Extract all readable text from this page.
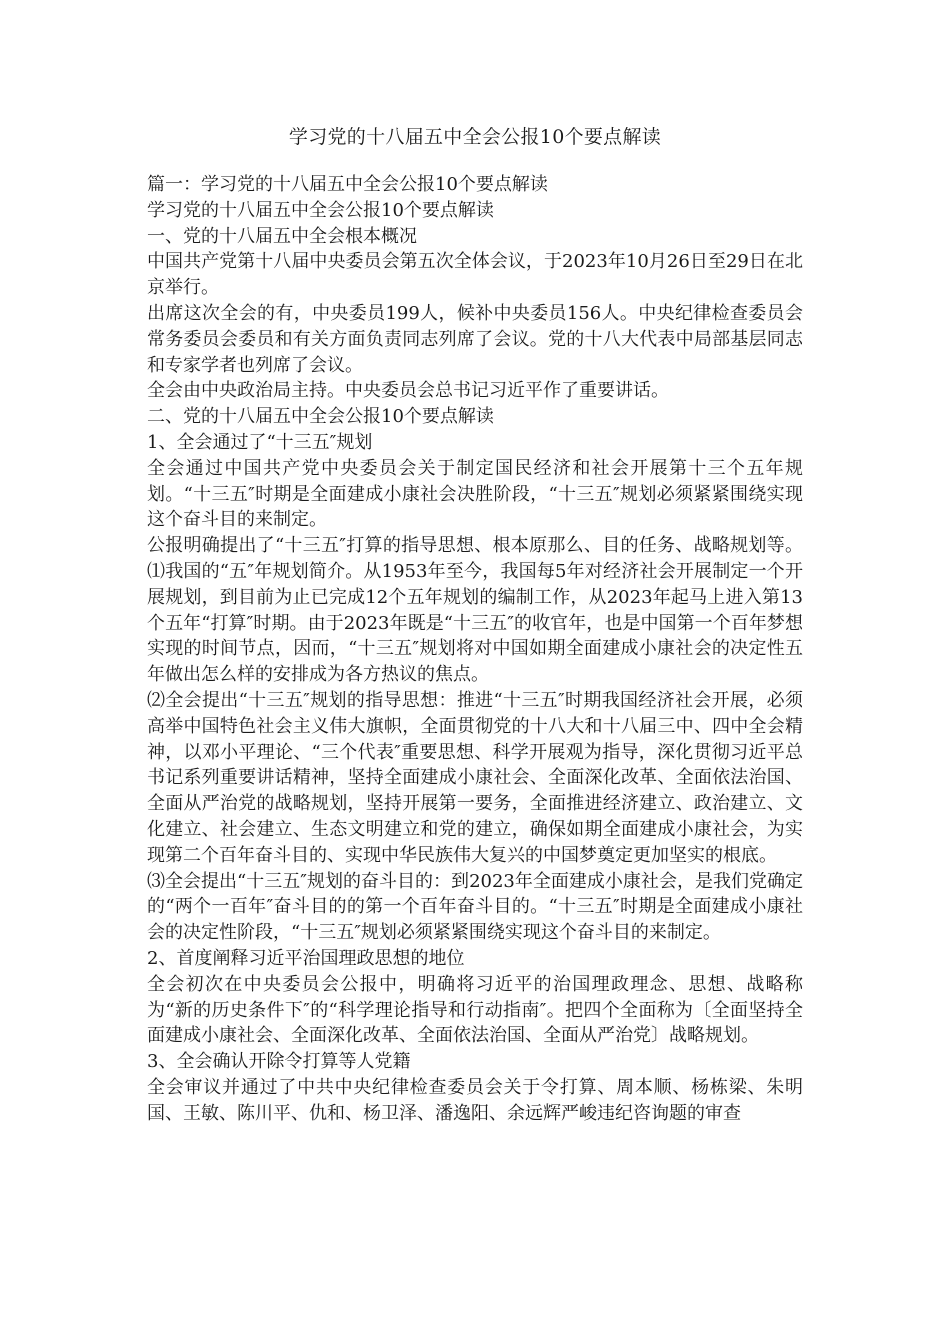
学习党的十八届五中全会公报10个要点解读

篇一：学习党的十八届五中全会公报10个要点解读

学习党的十八届五中全会公报10个要点解读

一、党的十八届五中全会根本概况

中国共产党第十八届中央委员会第五次全体会议，于2023年10月26日至29日在北京举行。

出席这次全会的有，中央委员199人，候补中央委员156人。中央纪律检查委员会常务委员会委员和有关方面负责同志列席了会议。党的十八大代表中局部基层同志和专家学者也列席了会议。

全会由中央政治局主持。中央委员会总书记习近平作了重要讲话。

二、党的十八届五中全会公报10个要点解读

1、全会通过了“十三五″规划

全会通过中国共产党中央委员会关于制定国民经济和社会开展第十三个五年规划。“十三五″时期是全面建成小康社会决胜阶段，“十三五″规划必须紧紧围绕实现这个奋斗目的来制定。

公报明确提出了“十三五″打算的指导思想、根本原那么、目的任务、战略规划等。⑴我国的“五″年规划简介。从1953年至今，我国每5年对经济社会开展制定一个开展规划，到目前为止已完成12个五年规划的编制工作，从2023年起马上进入第13个五年“打算″时期。由于2023年既是“十三五″的收官年，也是中国第一个百年梦想实现的时间节点，因而，“十三五″规划将对中国如期全面建成小康社会的决定性五年做出怎么样的安排成为各方热议的焦点。

⑵全会提出“十三五″规划的指导思想：推进“十三五″时期我国经济社会开展，必须高举中国特色社会主义伟大旗帜，全面贯彻党的十八大和十八届三中、四中全会精神，以邓小平理论、“三个代表″重要思想、科学开展观为指导，深化贯彻习近平总书记系列重要讲话精神，坚持全面建成小康社会、全面深化改革、全面依法治国、全面从严治党的战略规划，坚持开展第一要务，全面推进经济建立、政治建立、文化建立、社会建立、生态文明建立和党的建立，确保如期全面建成小康社会，为实现第二个百年奋斗目的、实现中华民族伟大复兴的中国梦奠定更加坚实的根底。

⑶全会提出“十三五″规划的奋斗目的：到2023年全面建成小康社会，是我们党确定的“两个一百年″奋斗目的的第一个百年奋斗目的。“十三五″时期是全面建成小康社会的决定性阶段，“十三五″规划必须紧紧围绕实现这个奋斗目的来制定。

2、首度阐释习近平治国理政思想的地位

全会初次在中央委员会公报中，明确将习近平的治国理政理念、思想、战略称为“新的历史条件下″的“科学理论指导和行动指南″。把四个全面称为〔全面坚持全面建成小康社会、全面深化改革、全面依法治国、全面从严治党〕战略规划。

3、全会确认开除令打算等人党籍

全会审议并通过了中共中央纪律检查委员会关于令打算、周本顺、杨栋梁、朱明国、王敏、陈川平、仇和、杨卫泽、潘逸阳、余远辉严峻违纪咨询题的审查
